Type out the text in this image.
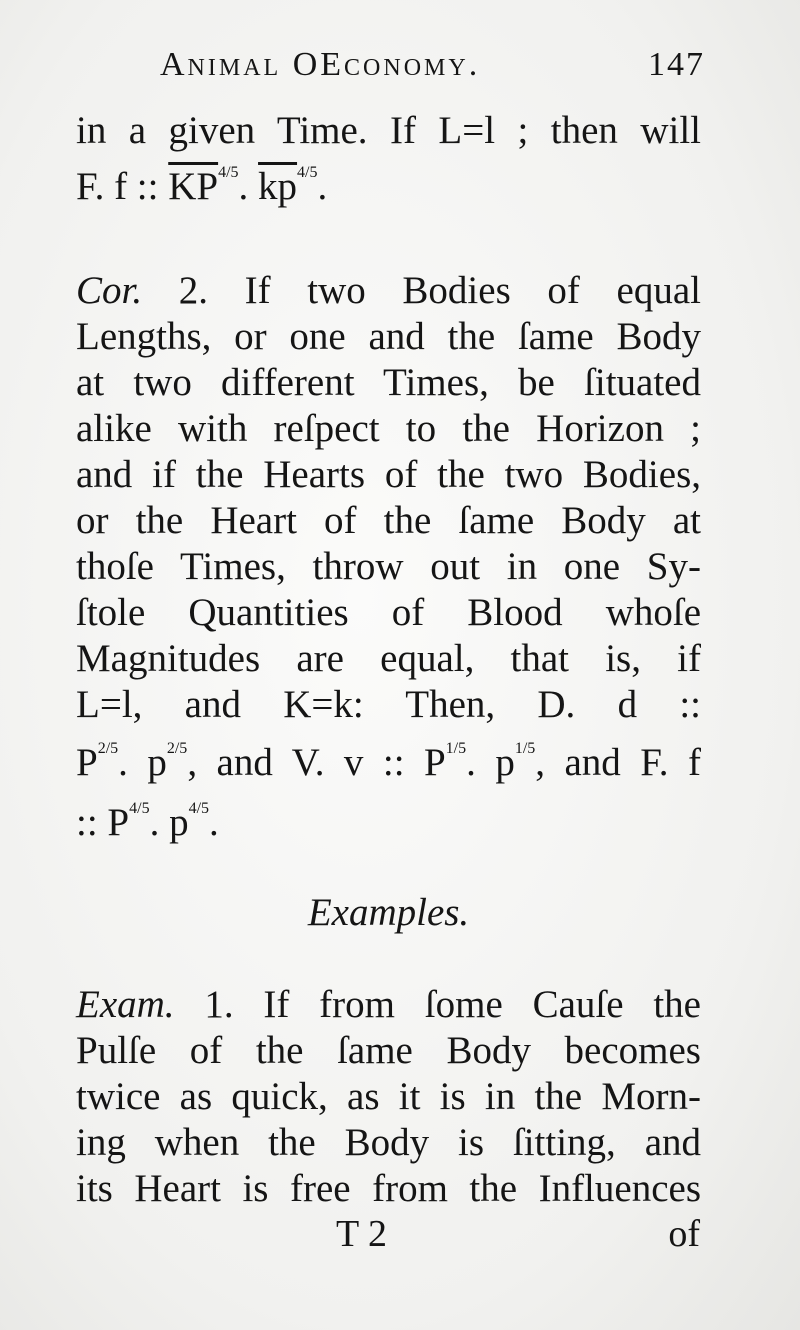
Animal OEconomy.	147
in a given Time. If L=l ; then will
F. f :: $\overline{KP}^{4/5}$. $\overline{kp}^{4/5}$.
Cor. 2. If two Bodies of equal
Lengths, or one and the ſame Body
at two different Times, be ſituated
alike with reſpect to the Horizon ;
and if the Hearts of the two Bodies,
or the Heart of the ſame Body at
thoſe Times, throw out in one Sy-
ſtole Quantities of Blood whoſe
Magnitudes are equal, that is, if
L=l, and K=k: Then, D. d ::
$P^{2/5}$. $p^{2/5}$, and V. v :: $P^{1/5}$. $p^{1/5}$, and F. f
:: $P^{4/5}$. $p^{4/5}$.
Examples.
Exam. 1. If from ſome Cauſe the
Pulſe of the ſame Body becomes
twice as quick, as it is in the Morn-
ing when the Body is ſitting, and
its Heart is free from the Influences
T 2	of
